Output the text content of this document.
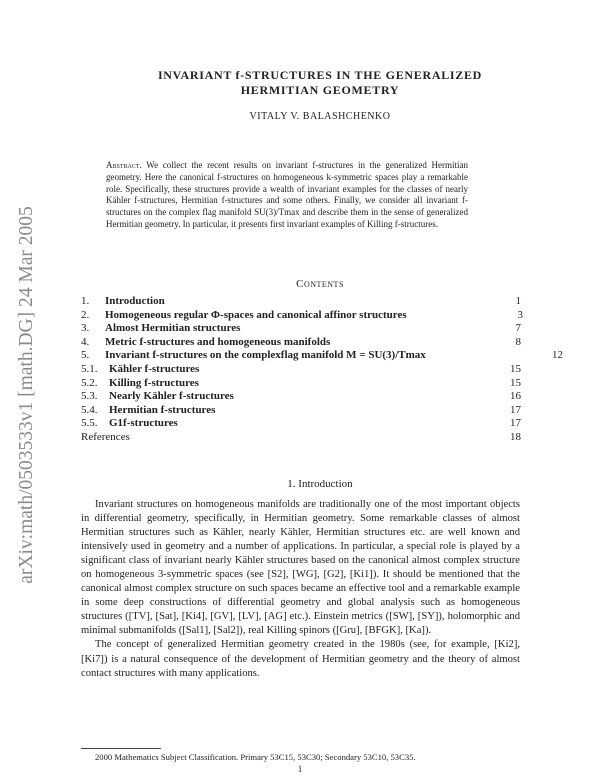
arXiv:math/0503533v1 [math.DG] 24 Mar 2005
INVARIANT f-STRUCTURES IN THE GENERALIZED
HERMITIAN GEOMETRY
VITALY V. BALASHCHENKO
Abstract. We collect the recent results on invariant f-structures in the generalized Hermitian geometry. Here the canonical f-structures on homogeneous k-symmetric spaces play a remarkable role. Specifically, these structures provide a wealth of invariant examples for the classes of nearly Kähler f-structures, Hermitian f-structures and some others. Finally, we consider all invariant f-structures on the complex flag manifold SU(3)/Tmax and describe them in the sense of generalized Hermitian geometry. In particular, it presents first invariant examples of Killing f-structures.
Contents
1. Introduction	1
2. Homogeneous regular Φ-spaces and canonical affinor structures	3
3. Almost Hermitian structures	7
4. Metric f-structures and homogeneous manifolds	8
5. Invariant f-structures on the complexflag manifold M = SU(3)/Tmax	12
5.1. Kähler f-structures	15
5.2. Killing f-structures	15
5.3. Nearly Kähler f-structures	16
5.4. Hermitian f-structures	17
5.5. G1f-structures	17
References	18
1. Introduction

Invariant structures on homogeneous manifolds are traditionally one of the most important objects in differential geometry, specifically, in Hermitian geometry. Some remarkable classes of almost Hermitian structures such as Kähler, nearly Kähler, Hermitian structures etc. are well known and intensively used in geometry and a number of applications. In particular, a special role is played by a significant class of invariant nearly Kähler structures based on the canonical almost complex structure on homogeneous 3-symmetric spaces (see [S2], [WG], [G2], [Ki1]). It should be mentioned that the canonical almost complex structure on such spaces became an effective tool and a remarkable example in some deep constructions of differential geometry and global analysis such as homogeneous structures ([TV], [Sat], [Ki4], [GV], [LV], [AG] etc.). Einstein metrics ([SW], [SY]), holomorphic and minimal submanifolds ([Sal1], [Sal2]), real Killing spinors ([Gru], [BFGK], [Ka]).

The concept of generalized Hermitian geometry created in the 1980s (see, for example, [Ki2], [Ki7]) is a natural consequence of the development of Hermitian geometry and the theory of almost contact structures with many applications.

2000 Mathematics Subject Classification. Primary 53C15, 53C30; Secondary 53C10, 53C35.
1
